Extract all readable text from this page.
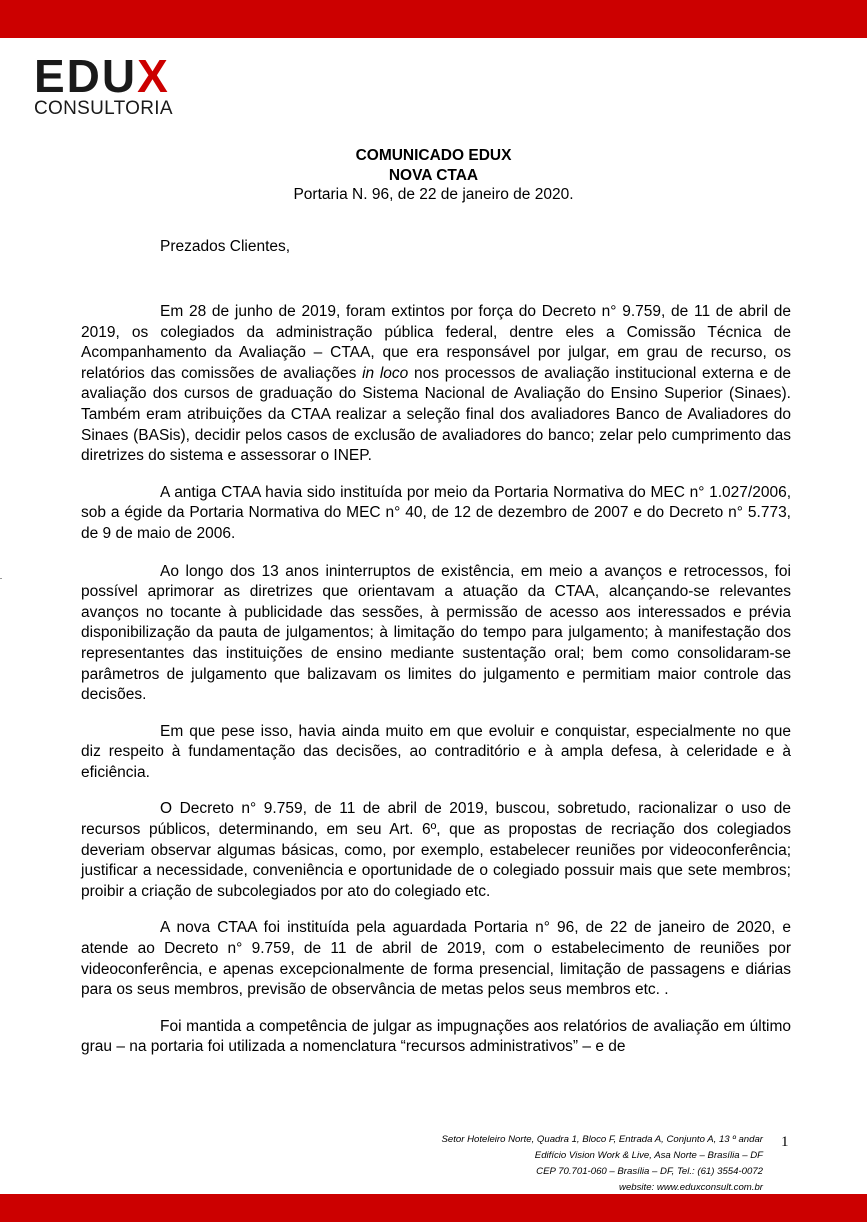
EDUX
CONSULTORIA
COMUNICADO EDUX
NOVA CTAA
Portaria N. 96, de 22 de janeiro de 2020.
Prezados Clientes,

Em 28 de junho de 2019, foram extintos por força do Decreto n° 9.759, de 11 de abril de 2019, os colegiados da administração pública federal, dentre eles a Comissão Técnica de Acompanhamento da Avaliação – CTAA, que era responsável por julgar, em grau de recurso, os relatórios das comissões de avaliações in loco nos processos de avaliação institucional externa e de avaliação dos cursos de graduação do Sistema Nacional de Avaliação do Ensino Superior (Sinaes). Também eram atribuições da CTAA realizar a seleção final dos avaliadores Banco de Avaliadores do Sinaes (BASis), decidir pelos casos de exclusão de avaliadores do banco; zelar pelo cumprimento das diretrizes do sistema e assessorar o INEP.

A antiga CTAA havia sido instituída por meio da Portaria Normativa do MEC n° 1.027/2006, sob a égide da Portaria Normativa do MEC n° 40, de 12 de dezembro de 2007 e do Decreto n° 5.773, de 9 de maio de 2006.

Ao longo dos 13 anos ininterruptos de existência, em meio a avanços e retrocessos, foi possível aprimorar as diretrizes que orientavam a atuação da CTAA, alcançando-se relevantes avanços no tocante à publicidade das sessões, à permissão de acesso aos interessados e prévia disponibilização da pauta de julgamentos; à limitação do tempo para julgamento; à manifestação dos representantes das instituições de ensino mediante sustentação oral; bem como consolidaram-se parâmetros de julgamento que balizavam os limites do julgamento e permitiam maior controle das decisões.

Em que pese isso, havia ainda muito em que evoluir e conquistar, especialmente no que diz respeito à fundamentação das decisões, ao contraditório e à ampla defesa, à celeridade e à eficiência.

O Decreto n° 9.759, de 11 de abril de 2019, buscou, sobretudo, racionalizar o uso de recursos públicos, determinando, em seu Art. 6º, que as propostas de recriação dos colegiados deveriam observar algumas básicas, como, por exemplo, estabelecer reuniões por videoconferência; justificar a necessidade, conveniência e oportunidade de o colegiado possuir mais que sete membros; proibir a criação de subcolegiados por ato do colegiado etc.

A nova CTAA foi instituída pela aguardada Portaria n° 96, de 22 de janeiro de 2020, e atende ao Decreto n° 9.759, de 11 de abril de 2019, com o estabelecimento de reuniões por videoconferência, e apenas excepcionalmente de forma presencial, limitação de passagens e diárias para os seus membros, previsão de observância de metas pelos seus membros etc. .

Foi mantida a competência de julgar as impugnações aos relatórios de avaliação em último grau – na portaria foi utilizada a nomenclatura “recursos administrativos” – e de

Setor Hoteleiro Norte, Quadra 1, Bloco F, Entrada A, Conjunto A, 13 º andar
Edifício Vision Work & Live, Asa Norte – Brasília – DF
CEP 70.701-060 – Brasília – DF, Tel.: (61) 3554-0072
website: www.eduxconsult.com.br
1
